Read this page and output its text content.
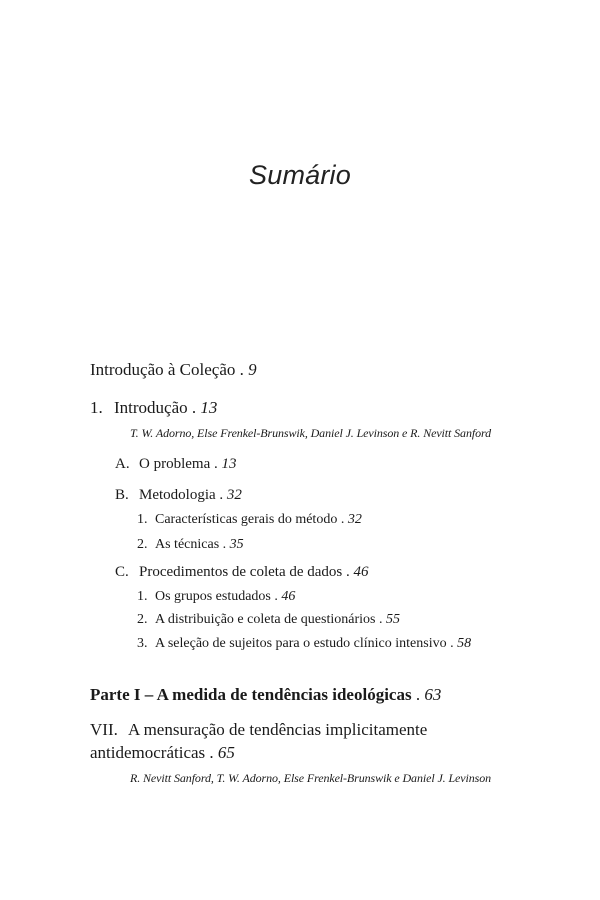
Sumário
Introdução à Coleção . 9
1. Introdução . 13
T. W. Adorno, Else Frenkel-Brunswik, Daniel J. Levinson e R. Nevitt Sanford
A. O problema . 13
B. Metodologia . 32
1. Características gerais do método . 32
2. As técnicas . 35
C. Procedimentos de coleta de dados . 46
1. Os grupos estudados . 46
2. A distribuição e coleta de questionários . 55
3. A seleção de sujeitos para o estudo clínico intensivo . 58
Parte I – A medida de tendências ideológicas . 63
VII. A mensuração de tendências implicitamente
antidemocráticas . 65
R. Nevitt Sanford, T. W. Adorno, Else Frenkel-Brunswik e Daniel J. Levinson
